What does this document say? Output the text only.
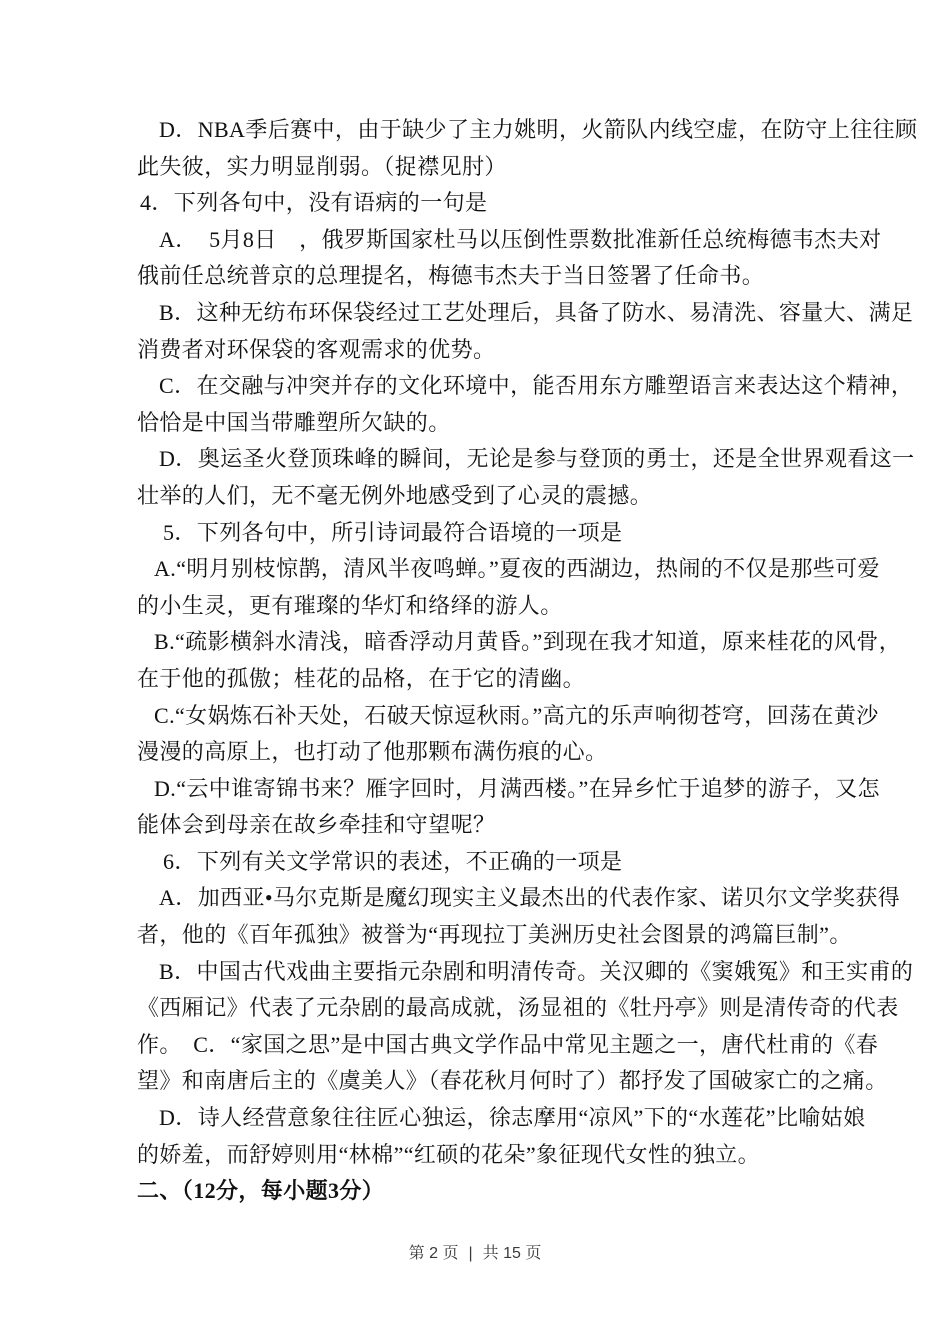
D．NBA季后赛中，由于缺少了主力姚明，火箭队内线空虚，在防守上往往顾
此失彼，实力明显削弱。（捉襟见肘）
4．下列各句中，没有语病的一句是
A．　5月8日　，俄罗斯国家杜马以压倒性票数批准新任总统梅德韦杰夫对
俄前任总统普京的总理提名，梅德韦杰夫于当日签署了任命书。
B．这种无纺布环保袋经过工艺处理后，具备了防水、易清洗、容量大、满足
消费者对环保袋的客观需求的优势。
C．在交融与冲突并存的文化环境中，能否用东方雕塑语言来表达这个精神，
恰恰是中国当带雕塑所欠缺的。
D．奥运圣火登顶珠峰的瞬间，无论是参与登顶的勇士，还是全世界观看这一
壮举的人们，无不毫无例外地感受到了心灵的震撼。
5．下列各句中，所引诗词最符合语境的一项是
A.“明月别枝惊鹊，清风半夜鸣蝉。”夏夜的西湖边，热闹的不仅是那些可爱
的小生灵，更有璀璨的华灯和络绎的游人。
B.“疏影横斜水清浅，暗香浮动月黄昏。”到现在我才知道，原来桂花的风骨，
在于他的孤傲；桂花的品格，在于它的清幽。
C.“女娲炼石补天处，石破天惊逗秋雨。”高亢的乐声响彻苍穹，回荡在黄沙
漫漫的高原上，也打动了他那颗布满伤痕的心。
D.“云中谁寄锦书来？雁字回时，月满西楼。”在异乡忙于追梦的游子，又怎
能体会到母亲在故乡牵挂和守望呢？
6．下列有关文学常识的表述，不正确的一项是
A．加西亚•马尔克斯是魔幻现实主义最杰出的代表作家、诺贝尔文学奖获得
者，他的《百年孤独》被誉为“再现拉丁美洲历史社会图景的鸿篇巨制”。
B．中国古代戏曲主要指元杂剧和明清传奇。关汉卿的《窦娥冤》和王实甫的
《西厢记》代表了元杂剧的最高成就，汤显祖的《牡丹亭》则是清传奇的代表
作。　C．“家国之思”是中国古典文学作品中常见主题之一，唐代杜甫的《春
望》和南唐后主的《虞美人》（春花秋月何时了）都抒发了国破家亡的之痛。
D．诗人经营意象往往匠心独运，徐志摩用“凉风”下的“水莲花”比喻姑娘
的娇羞，而舒婷则用“林棉”“红硕的花朵”象征现代女性的独立。
二、（12分，每小题3分）
第 2 页 | 共 15 页
